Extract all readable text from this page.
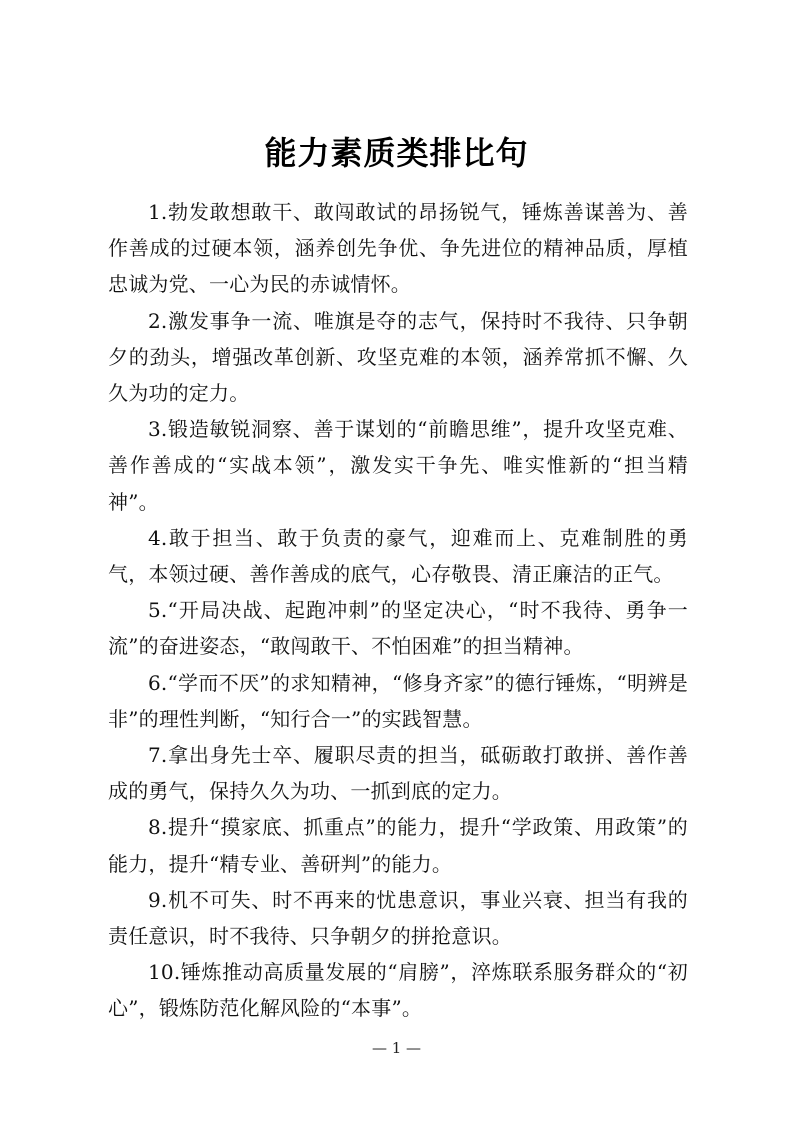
能力素质类排比句

1.勃发敢想敢干、敢闯敢试的昂扬锐气，锤炼善谋善为、善作善成的过硬本领，涵养创先争优、争先进位的精神品质，厚植忠诚为党、一心为民的赤诚情怀。

2.激发事争一流、唯旗是夺的志气，保持时不我待、只争朝夕的劲头，增强改革创新、攻坚克难的本领，涵养常抓不懈、久久为功的定力。

3.锻造敏锐洞察、善于谋划的“前瞻思维”，提升攻坚克难、善作善成的“实战本领”，激发实干争先、唯实惟新的“担当精神”。

4.敢于担当、敢于负责的豪气，迎难而上、克难制胜的勇气，本领过硬、善作善成的底气，心存敬畏、清正廉洁的正气。

5.“开局决战、起跑冲刺”的坚定决心，“时不我待、勇争一流”的奋进姿态，“敢闯敢干、不怕困难”的担当精神。

6.“学而不厌”的求知精神，“修身齐家”的德行锤炼，“明辨是非”的理性判断，“知行合一”的实践智慧。

7.拿出身先士卒、履职尽责的担当，砥砺敢打敢拼、善作善成的勇气，保持久久为功、一抓到底的定力。

8.提升“摸家底、抓重点”的能力，提升“学政策、用政策”的能力，提升“精专业、善研判”的能力。

9.机不可失、时不再来的忧患意识，事业兴衰、担当有我的责任意识，时不我待、只争朝夕的拼抢意识。

10.锤炼推动高质量发展的“肩膀”，淬炼联系服务群众的“初心”，锻炼防范化解风险的“本事”。

— 1 —
